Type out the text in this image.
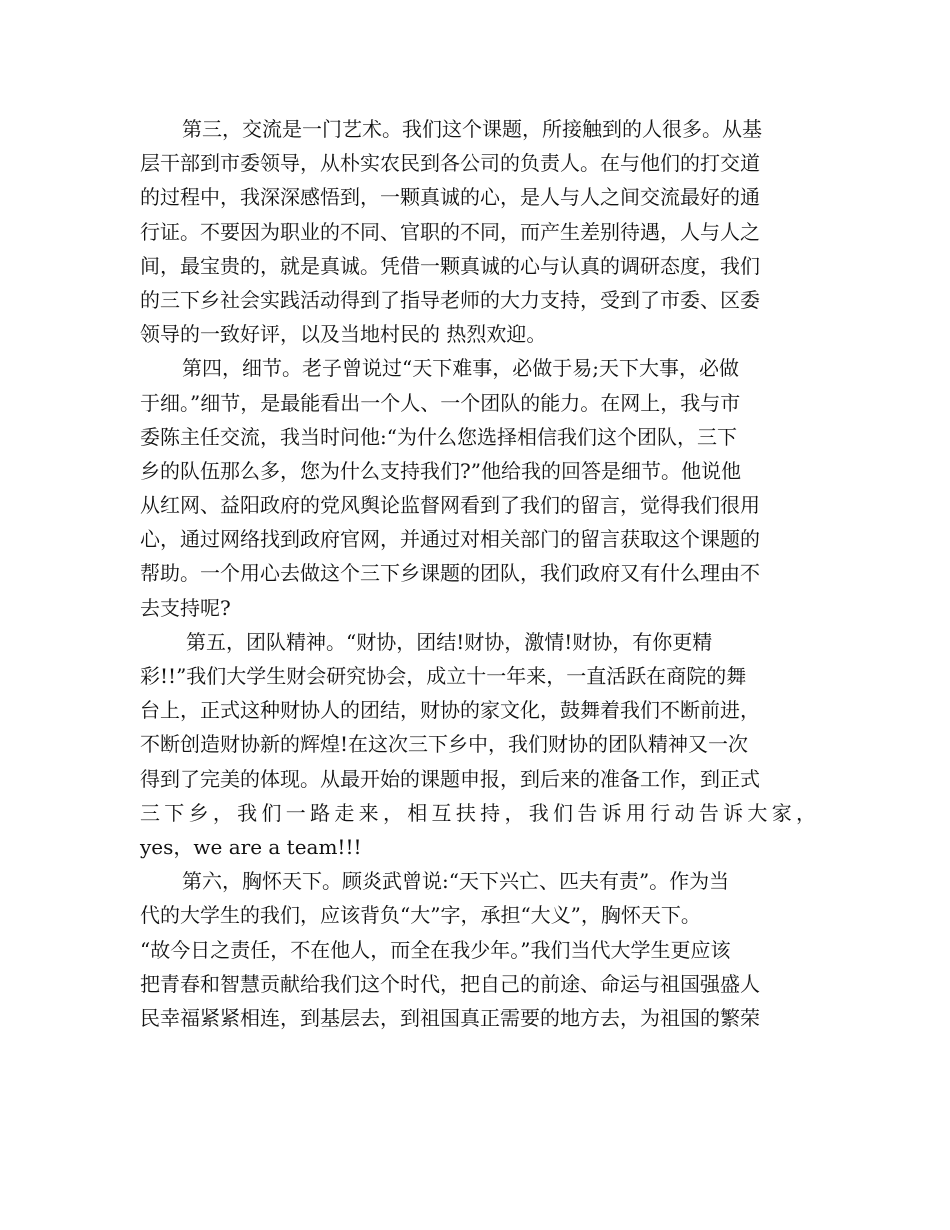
第三，交流是一门艺术。我们这个课题，所接触到的人很多。从基
层干部到市委领导，从朴实农民到各公司的负责人。在与他们的打交道
的过程中，我深深感悟到，一颗真诚的心，是人与人之间交流最好的通
行证。不要因为职业的不同、官职的不同，而产生差别待遇，人与人之
间，最宝贵的，就是真诚。凭借一颗真诚的心与认真的调研态度，我们
的三下乡社会实践活动得到了指导老师的大力支持，受到了市委、区委
领导的一致好评，以及当地村民的 热烈欢迎。
第四，细节。老子曾说过“天下难事，必做于易;天下大事，必做
于细。”细节，是最能看出一个人、一个团队的能力。在网上，我与市
委陈主任交流，我当时问他:“为什么您选择相信我们这个团队，三下
乡的队伍那么多，您为什么支持我们?”他给我的回答是细节。他说他
从红网、益阳政府的党风舆论监督网看到了我们的留言，觉得我们很用
心，通过网络找到政府官网，并通过对相关部门的留言获取这个课题的
帮助。一个用心去做这个三下乡课题的团队，我们政府又有什么理由不
去支持呢?
第五，团队精神。“财协，团结!财协，激情!财协，有你更精
彩!!”我们大学生财会研究协会，成立十一年来，一直活跃在商院的舞
台上，正式这种财协人的团结，财协的家文化，鼓舞着我们不断前进，
不断创造财协新的辉煌!在这次三下乡中，我们财协的团队精神又一次
得到了完美的体现。从最开始的课题申报，到后来的准备工作，到正式
三下乡，我们一路走来，相互扶持，我们告诉用行动告诉大家，
yes，we are a team!!!
第六，胸怀天下。顾炎武曾说:“天下兴亡、匹夫有责”。作为当
代的大学生的我们，应该背负“大”字，承担“大义”，胸怀天下。
“故今日之责任，不在他人，而全在我少年。”我们当代大学生更应该
把青春和智慧贡献给我们这个时代，把自己的前途、命运与祖国强盛人
民幸福紧紧相连，到基层去，到祖国真正需要的地方去，为祖国的繁荣
